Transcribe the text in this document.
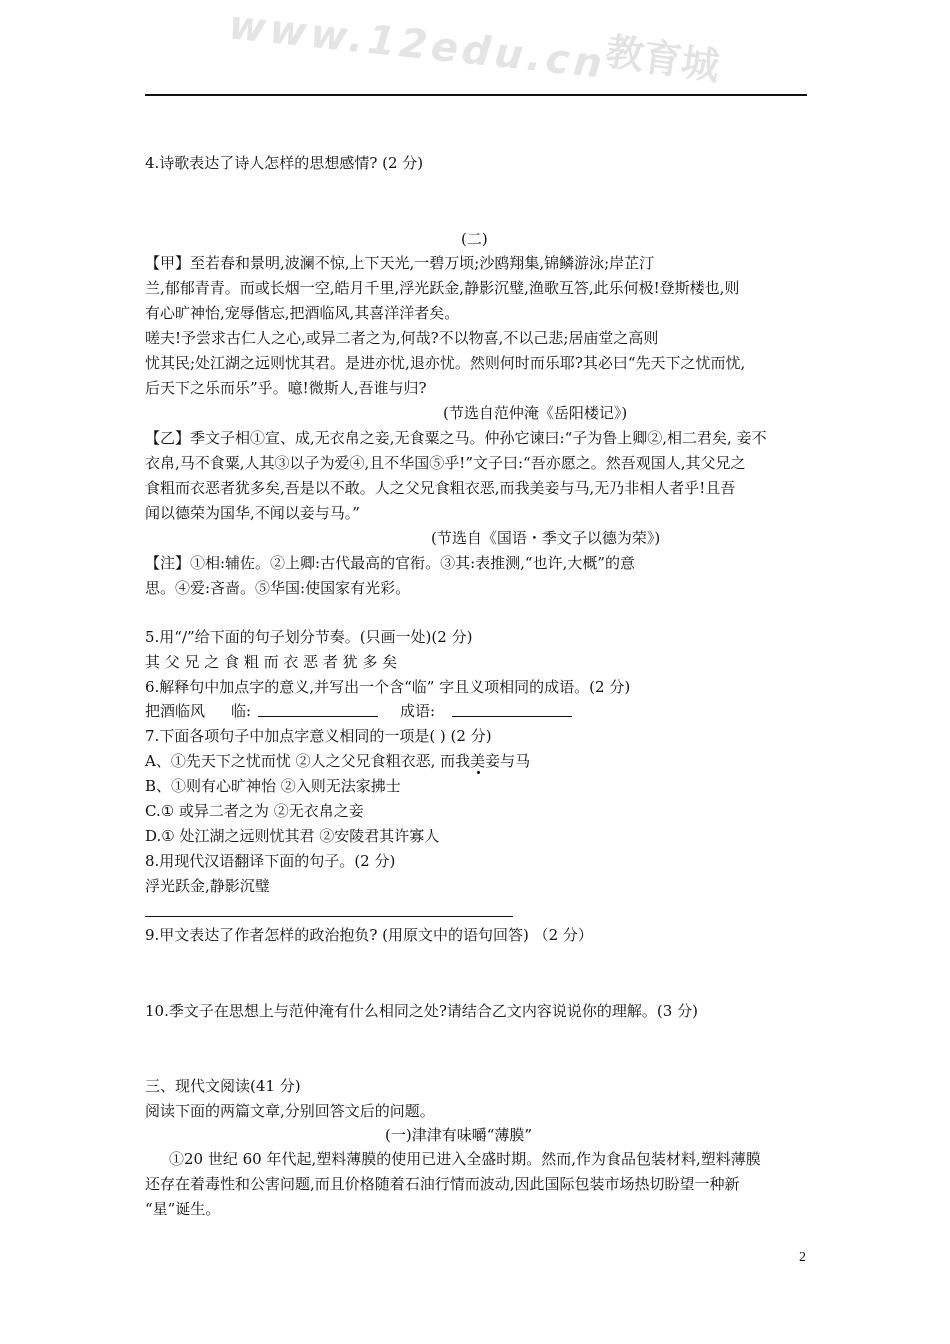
www.12edu.cn
教育城
4.诗歌表达了诗人怎样的思想感情? (2 分)
(二)
【甲】至若春和景明,波澜不惊,上下天光,一碧万顷;沙鸥翔集,锦鳞游泳;岸芷汀
兰,郁郁青青。而或长烟一空,皓月千里,浮光跃金,静影沉璧,渔歌互答,此乐何极!登斯楼也,则
有心旷神怡,宠辱偕忘,把酒临风,其喜洋洋者矣。
嗟夫!予尝求古仁人之心,或异二者之为,何哉?不以物喜,不以己悲;居庙堂之高则
忧其民;处江湖之远则忧其君。是进亦忧,退亦忧。然则何时而乐耶?其必曰“先天下之忧而忧,
后天下之乐而乐”乎。噫!微斯人,吾谁与归?
(节选自范仲淹《岳阳楼记》)
【乙】季文子相①宣、成,无衣帛之妾,无食粟之马。仲孙它谏曰:“子为鲁上卿②,相二君矣, 妾不
衣帛,马不食粟,人其③以子为爱④,且不华国⑤乎!”文子曰:“吾亦愿之。然吾观国人,其父兄之
食粗而衣恶者犹多矣,吾是以不敢。人之父兄食粗衣恶,而我美妾与马,无乃非相人者乎!且吾
闻以德荣为国华,不闻以妾与马。”
(节选自《国语・季文子以德为荣》)
【注】①相:辅佐。②上卿:古代最高的官衔。③其:表推测,“也许,大概”的意
思。④爱:吝啬。⑤华国:使国家有光彩。
5.用“/”给下面的句子划分节奏。(只画一处)(2 分)
其 父 兄 之 食 粗 而 衣 恶 者 犹 多 矣
6.解释句中加点字的意义,并写出一个含“临” 字且义项相同的成语。(2 分)
把酒临风 临:	成语:
7.下面各项句子中加点字意义相同的一项是( ) (2 分)
A、①先天下之忧而忧 ②人之父兄食粗衣恶, 而我美妾与马
B、①则有心旷神怡 ②入则无法家拂士
C.① 或异二者之为 ②无衣帛之妾
D.① 处江湖之远则忧其君 ②安陵君其许寡人
8.用现代汉语翻译下面的句子。(2 分)
浮光跃金,静影沉璧
9.甲文表达了作者怎样的政治抱负? (用原文中的语句回答) （2 分）
10.季文子在思想上与范仲淹有什么相同之处?请结合乙文内容说说你的理解。(3 分)
三、现代文阅读(41 分)
阅读下面的两篇文章,分别回答文后的问题。
(一)津津有味嚼“薄膜”
①20 世纪 60 年代起,塑料薄膜的使用已进入全盛时期。然而,作为食品包装材料,塑料薄膜
还存在着毒性和公害问题,而且价格随着石油行情而波动,因此国际包装市场热切盼望一种新
“星”诞生。
2
